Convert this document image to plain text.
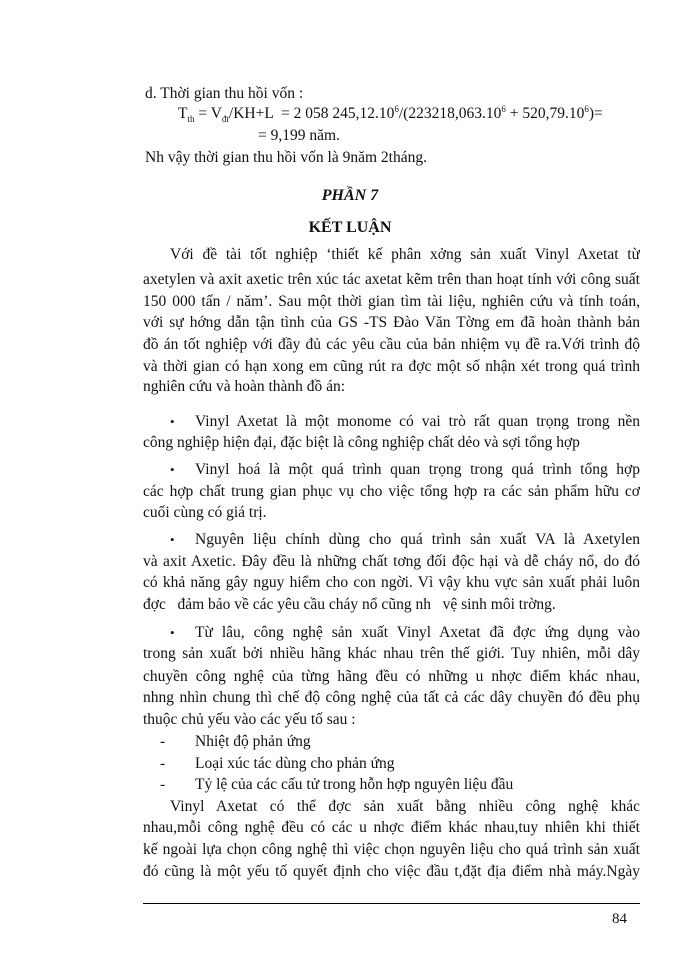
d. Thời gian thu hồi vốn :
$T_{th} = V_{đt}/KH+L = 2$ 058 $245,12.10^6/(223218,063.10^6 + 520,79.10^6)=$
= 9,199 năm.
Nh vậy thời gian thu hồi vốn là 9năm 2tháng.
PHẦN 7
KẾT LUẬN
Với đề tài tốt nghiệp ‘thiết kế phân xởng sản xuất Vinyl Axetat từ
axetylen và axit axetic trên xúc tác axetat kẽm trên than hoạt tính với công suất
150 000 tấn / năm’. Sau một thời gian tìm tài liệu, nghiên cứu và tính toán,
với sự hớng dẫn tận tình của GS -TS Đào Văn Tờng em đã hoàn thành bản
đồ án tốt nghiệp với đầy đủ các yêu cầu của bản nhiệm vụ đề ra.Với trình độ
và thời gian có hạn xong em cũng rút ra đợc một số nhận xét trong quá trình
nghiên cứu và hoàn thành đồ án:
• Vinyl Axetat là một monome có vai trò rất quan trọng trong nền
công nghiệp hiện đại, đặc biệt là công nghiệp chất dẻo và sợi tổng hợp
• Vinyl hoá là một quá trình quan trọng trong quá trình tổng hợp
các hợp chất trung gian phục vụ cho việc tổng hợp ra các sản phẩm hữu cơ
cuối cùng có giá trị.
• Nguyên liệu chính dùng cho quá trình sản xuất VA là Axetylen
và axit Axetic. Đây đều là những chất tơng đối độc hại và dễ cháy nổ, do đó
có khả năng gây nguy hiểm cho con ngời. Vì vậy khu vực sản xuất phải luôn
đợc   đảm bảo về các yêu cầu cháy nổ cũng nh   vệ sinh môi trờng.
• Từ lâu, công nghệ sản xuất Vinyl Axetat đã đợc ứng dụng vào
trong sản xuất bởi nhiều hãng khác nhau trên thế giới. Tuy nhiên, mỗi dây
chuyền công nghệ của từng hãng đều có những u nhợc điểm khác nhau,
nhng nhìn chung thì chế độ công nghệ của tất cả các dây chuyền đó đều phụ
thuộc chủ yếu vào các yếu tố sau :
- Nhiệt độ phản ứng
- Loại xúc tác dùng cho phản ứng
- Tỷ lệ của các cấu tử trong hỗn hợp nguyên liệu đầu
Vinyl Axetat có thể đợc sản xuất bằng nhiều công nghệ khác
nhau,mỗi công nghệ đều có các u nhợc điểm khác nhau,tuy nhiên khi thiết
kế ngoài lựa chọn công nghệ thì việc chọn nguyên liệu cho quá trình sản xuất
đó cũng là một yếu tố quyết định cho việc đầu t,đặt địa điểm nhà máy.Ngày
84
